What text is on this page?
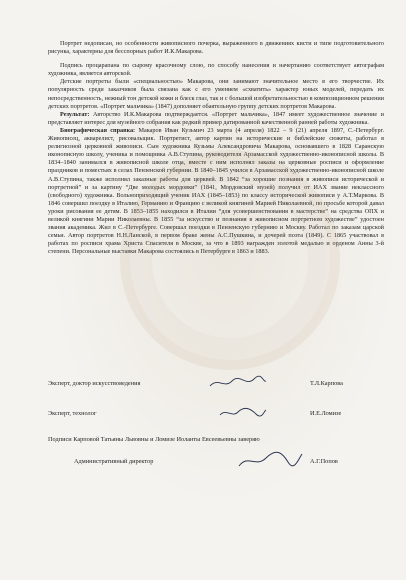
Портрет недописан, но особенности живописного почерка, выраженного в движениях кисти и типе подготовительного рисунка, характерны для бесспорных работ И.К.Макарова.

Подпись процарапана по сырому красочному слою, по способу нанесения и начертанию соответствует автографам художника, является авторской.

Детские портреты были «специальностью» Макарова, они занимают значительное место в его творчестве. Их популярность среди заказчиков была связана как с его умением «схватить» характер юных моделей, передать их непосредственность, нежный тон детской кожи и блеск глаз, так и с большой изобретательностью в композиционном решении детских портретов. «Портрет мальчика» (1847) дополняет обаятельную группу детских портретов Макарова.

Результат: Авторство И.К.Макарова подтверждается. «Портрет мальчика», 1847 имеет художественное значение и представляет интерес для музейного собрания как редкий пример датированной качественной ранней работы художника.

Биографическая справка: Макаров Иван Кузьмич 23 марта (4 апреля) 1822 – 9 (21) апреля 1897, С.-Петербург. Живописец, акварелист, рисовальщик. Портретист, автор картин на исторические и библейские сюжеты, работал в религиозной церковной живописи. Сын художника Кузьмы Александровича Макарова, основавшего в 1828 Саранскую иконописную школу, ученика и помощника А.В.Ступина, руководителя Арзамасской художественно-иконописной школы. В 1834–1840 занимался в живописной школе отца, вместе с ним исполнял заказы на церковные росписи и оформление праздников и поместьях в селах Пензенской губернии. В 1840–1845 учился в Арзамасской художественно-иконописной школе А.В.Ступина, также исполнял заказные работы для церквей. В 1842 “за хорошие познания в живописи исторической и портретной” и за картину “Две молодых мордовки” (1841, Мордовский музей) получил от ИАХ звание неклассного (свободного) художника. Вольноприходящий ученик ИАХ (1845–1853) по классу исторической живописи у А.Т.Маркова. В 1846 совершил поездку в Италию, Германию и Францию с великой княгиней Марией Николаевной, по просьбе которой давал уроки рисования ее детям. В 1853–1855 находился в Италии “для усовершенствования в мастерстве” на средства ОПХ и великой княгини Марии Николаевны. В 1855 “за искусство и познания в живописном портретном художестве” удостоен звания академика. Жил в С.-Петербурге. Совершал поездки в Пензенскую губернию и Москву. Работал по заказам царской семьи. Автор портретов Н.Н.Ланской, в первом браке жены А.С.Пушкина, и дочерей поэта (1849). С 1865 участвовал в работах по росписи храма Христа Спасителя в Москве, за что в 1893 награжден золотой медалью и орденом Анны 3-й степени. Персональные выставки Макарова состоялись в Петербурге в 1863 и 1883.

Эксперт, доктор искусствоведения	Т.Л.Карпова
Эксперт, технолог	И.Е.Ломизе
Подписи Карповой Татьяны Львовны и Ломизе Иоланты Евсеевьевны заверяю
Административный директор	А.Г.Попов
